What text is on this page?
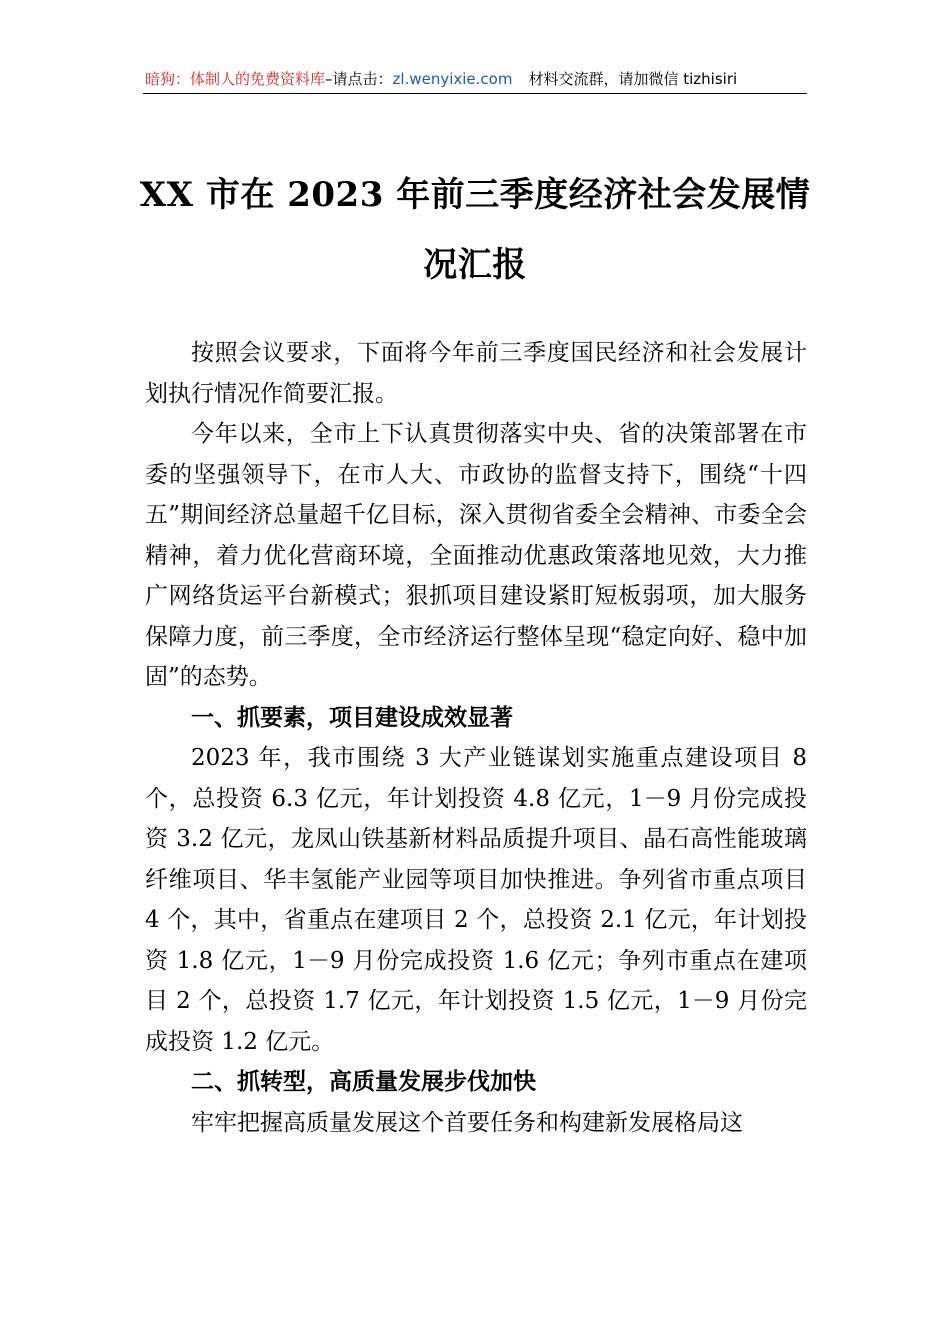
暗狗：体制人的免费资料库–请点击：zl.wenyixie.com 材料交流群，请加微信 tizhisiri
XX 市在 2023 年前三季度经济社会发展情
况汇报

按照会议要求，下面将今年前三季度国民经济和社会发展计划执行情况作简要汇报。

今年以来，全市上下认真贯彻落实中央、省的决策部署在市委的坚强领导下，在市人大、市政协的监督支持下，围绕“十四五”期间经济总量超千亿目标，深入贯彻省委全会精神、市委全会精神，着力优化营商环境，全面推动优惠政策落地见效，大力推广网络货运平台新模式；狠抓项目建设紧盯短板弱项，加大服务保障力度，前三季度，全市经济运行整体呈现“稳定向好、稳中加固”的态势。

一、抓要素，项目建设成效显著

2023 年，我市围绕 3 大产业链谋划实施重点建设项目 8 个，总投资 6.3 亿元，年计划投资 4.8 亿元，1－9 月份完成投资 3.2 亿元，龙凤山铁基新材料品质提升项目、晶石高性能玻璃纤维项目、华丰氢能产业园等项目加快推进。争列省市重点项目 4 个，其中，省重点在建项目 2 个，总投资 2.1 亿元，年计划投资 1.8 亿元，1－9 月份完成投资 1.6 亿元；争列市重点在建项目 2 个，总投资 1.7 亿元，年计划投资 1.5 亿元，1－9 月份完成投资 1.2 亿元。

二、抓转型，高质量发展步伐加快

牢牢把握高质量发展这个首要任务和构建新发展格局这
